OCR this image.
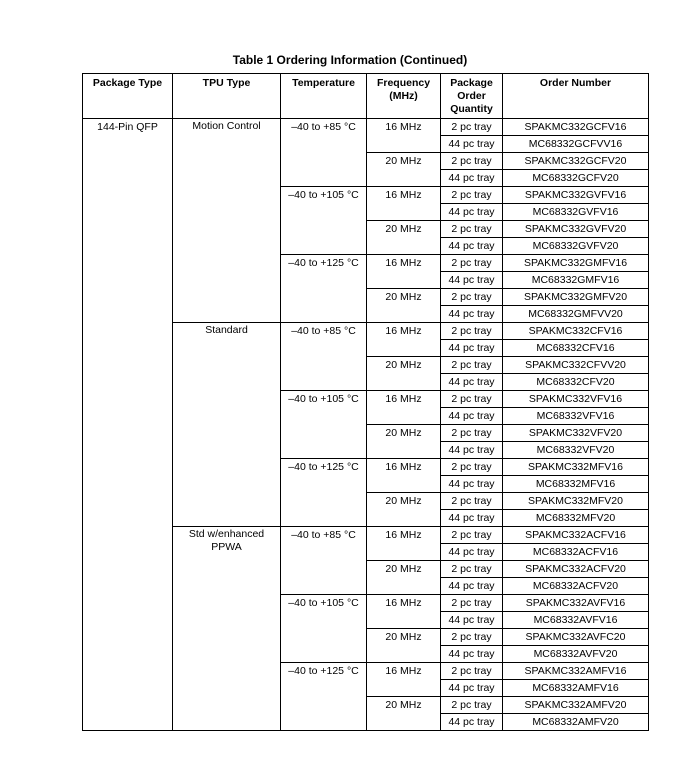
Table 1 Ordering Information (Continued)
Package Type	TPU Type	Temperature	Frequency (MHz)	Package Order Quantity	Order Number
144-Pin QFP	Motion Control	–40 to +85 °C	16 MHz	2 pc tray	SPAKMC332GCFV16
				44 pc tray	MC68332GCFVV16
			20 MHz	2 pc tray	SPAKMC332GCFV20
				44 pc tray	MC68332GCFV20
		–40 to +105 °C	16 MHz	2 pc tray	SPAKMC332GVFV16
				44 pc tray	MC68332GVFV16
			20 MHz	2 pc tray	SPAKMC332GVFV20
				44 pc tray	MC68332GVFV20
		–40 to +125 °C	16 MHz	2 pc tray	SPAKMC332GMFV16
				44 pc tray	MC68332GMFV16
			20 MHz	2 pc tray	SPAKMC332GMFV20
				44 pc tray	MC68332GMFVV20
	Standard	–40 to +85 °C	16 MHz	2 pc tray	SPAKMC332CFV16
				44 pc tray	MC68332CFV16
			20 MHz	2 pc tray	SPAKMC332CFVV20
				44 pc tray	MC68332CFV20
		–40 to +105 °C	16 MHz	2 pc tray	SPAKMC332VFV16
				44 pc tray	MC68332VFV16
			20 MHz	2 pc tray	SPAKMC332VFV20
				44 pc tray	MC68332VFV20
		–40 to +125 °C	16 MHz	2 pc tray	SPAKMC332MFV16
				44 pc tray	MC68332MFV16
			20 MHz	2 pc tray	SPAKMC332MFV20
				44 pc tray	MC68332MFV20
	Std w/enhanced PPWA	–40 to +85 °C	16 MHz	2 pc tray	SPAKMC332ACFV16
				44 pc tray	MC68332ACFV16
			20 MHz	2 pc tray	SPAKMC332ACFV20
				44 pc tray	MC68332ACFV20
		–40 to +105 °C	16 MHz	2 pc tray	SPAKMC332AVFV16
				44 pc tray	MC68332AVFV16
			20 MHz	2 pc tray	SPAKMC332AVFC20
				44 pc tray	MC68332AVFV20
		–40 to +125 °C	16 MHz	2 pc tray	SPAKMC332AMFV16
				44 pc tray	MC68332AMFV16
			20 MHz	2 pc tray	SPAKMC332AMFV20
				44 pc tray	MC68332AMFV20
